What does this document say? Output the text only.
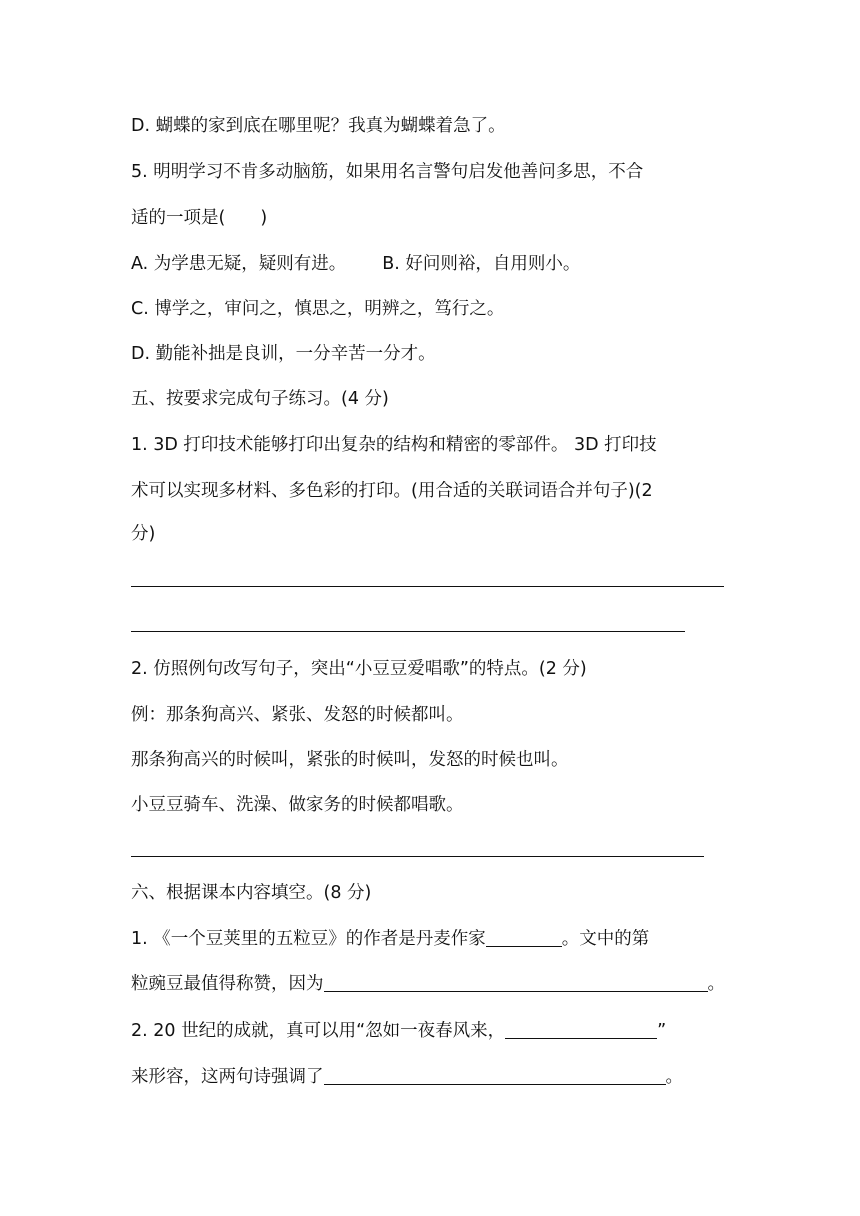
D. 蝴蝶的家到底在哪里呢？我真为蝴蝶着急了。
5. 明明学习不肯多动脑筋，如果用名言警句启发他善问多思，不合
适的一项是(　　)
A. 为学患无疑，疑则有进。 B. 好问则裕，自用则小。
C. 博学之，审问之，慎思之，明辨之，笃行之。
D. 勤能补拙是良训，一分辛苦一分才。
五、按要求完成句子练习。(4 分)
1. 3D 打印技术能够打印出复杂的结构和精密的零部件。 3D 打印技
术可以实现多材料、多色彩的打印。(用合适的关联词语合并句子)(2
分)
2. 仿照例句改写句子，突出“小豆豆爱唱歌”的特点。(2 分)
例：那条狗高兴、紧张、发怒的时候都叫。
那条狗高兴的时候叫，紧张的时候叫，发怒的时候也叫。
小豆豆骑车、洗澡、做家务的时候都唱歌。
六、根据课本内容填空。(8 分)
1. 《一个豆荚里的五粒豆》的作者是丹麦作家	。文中的第
粒豌豆最值得称赞，因为	。
2. 20 世纪的成就，真可以用“忽如一夜春风来，	”
来形容，这两句诗强调了	。
